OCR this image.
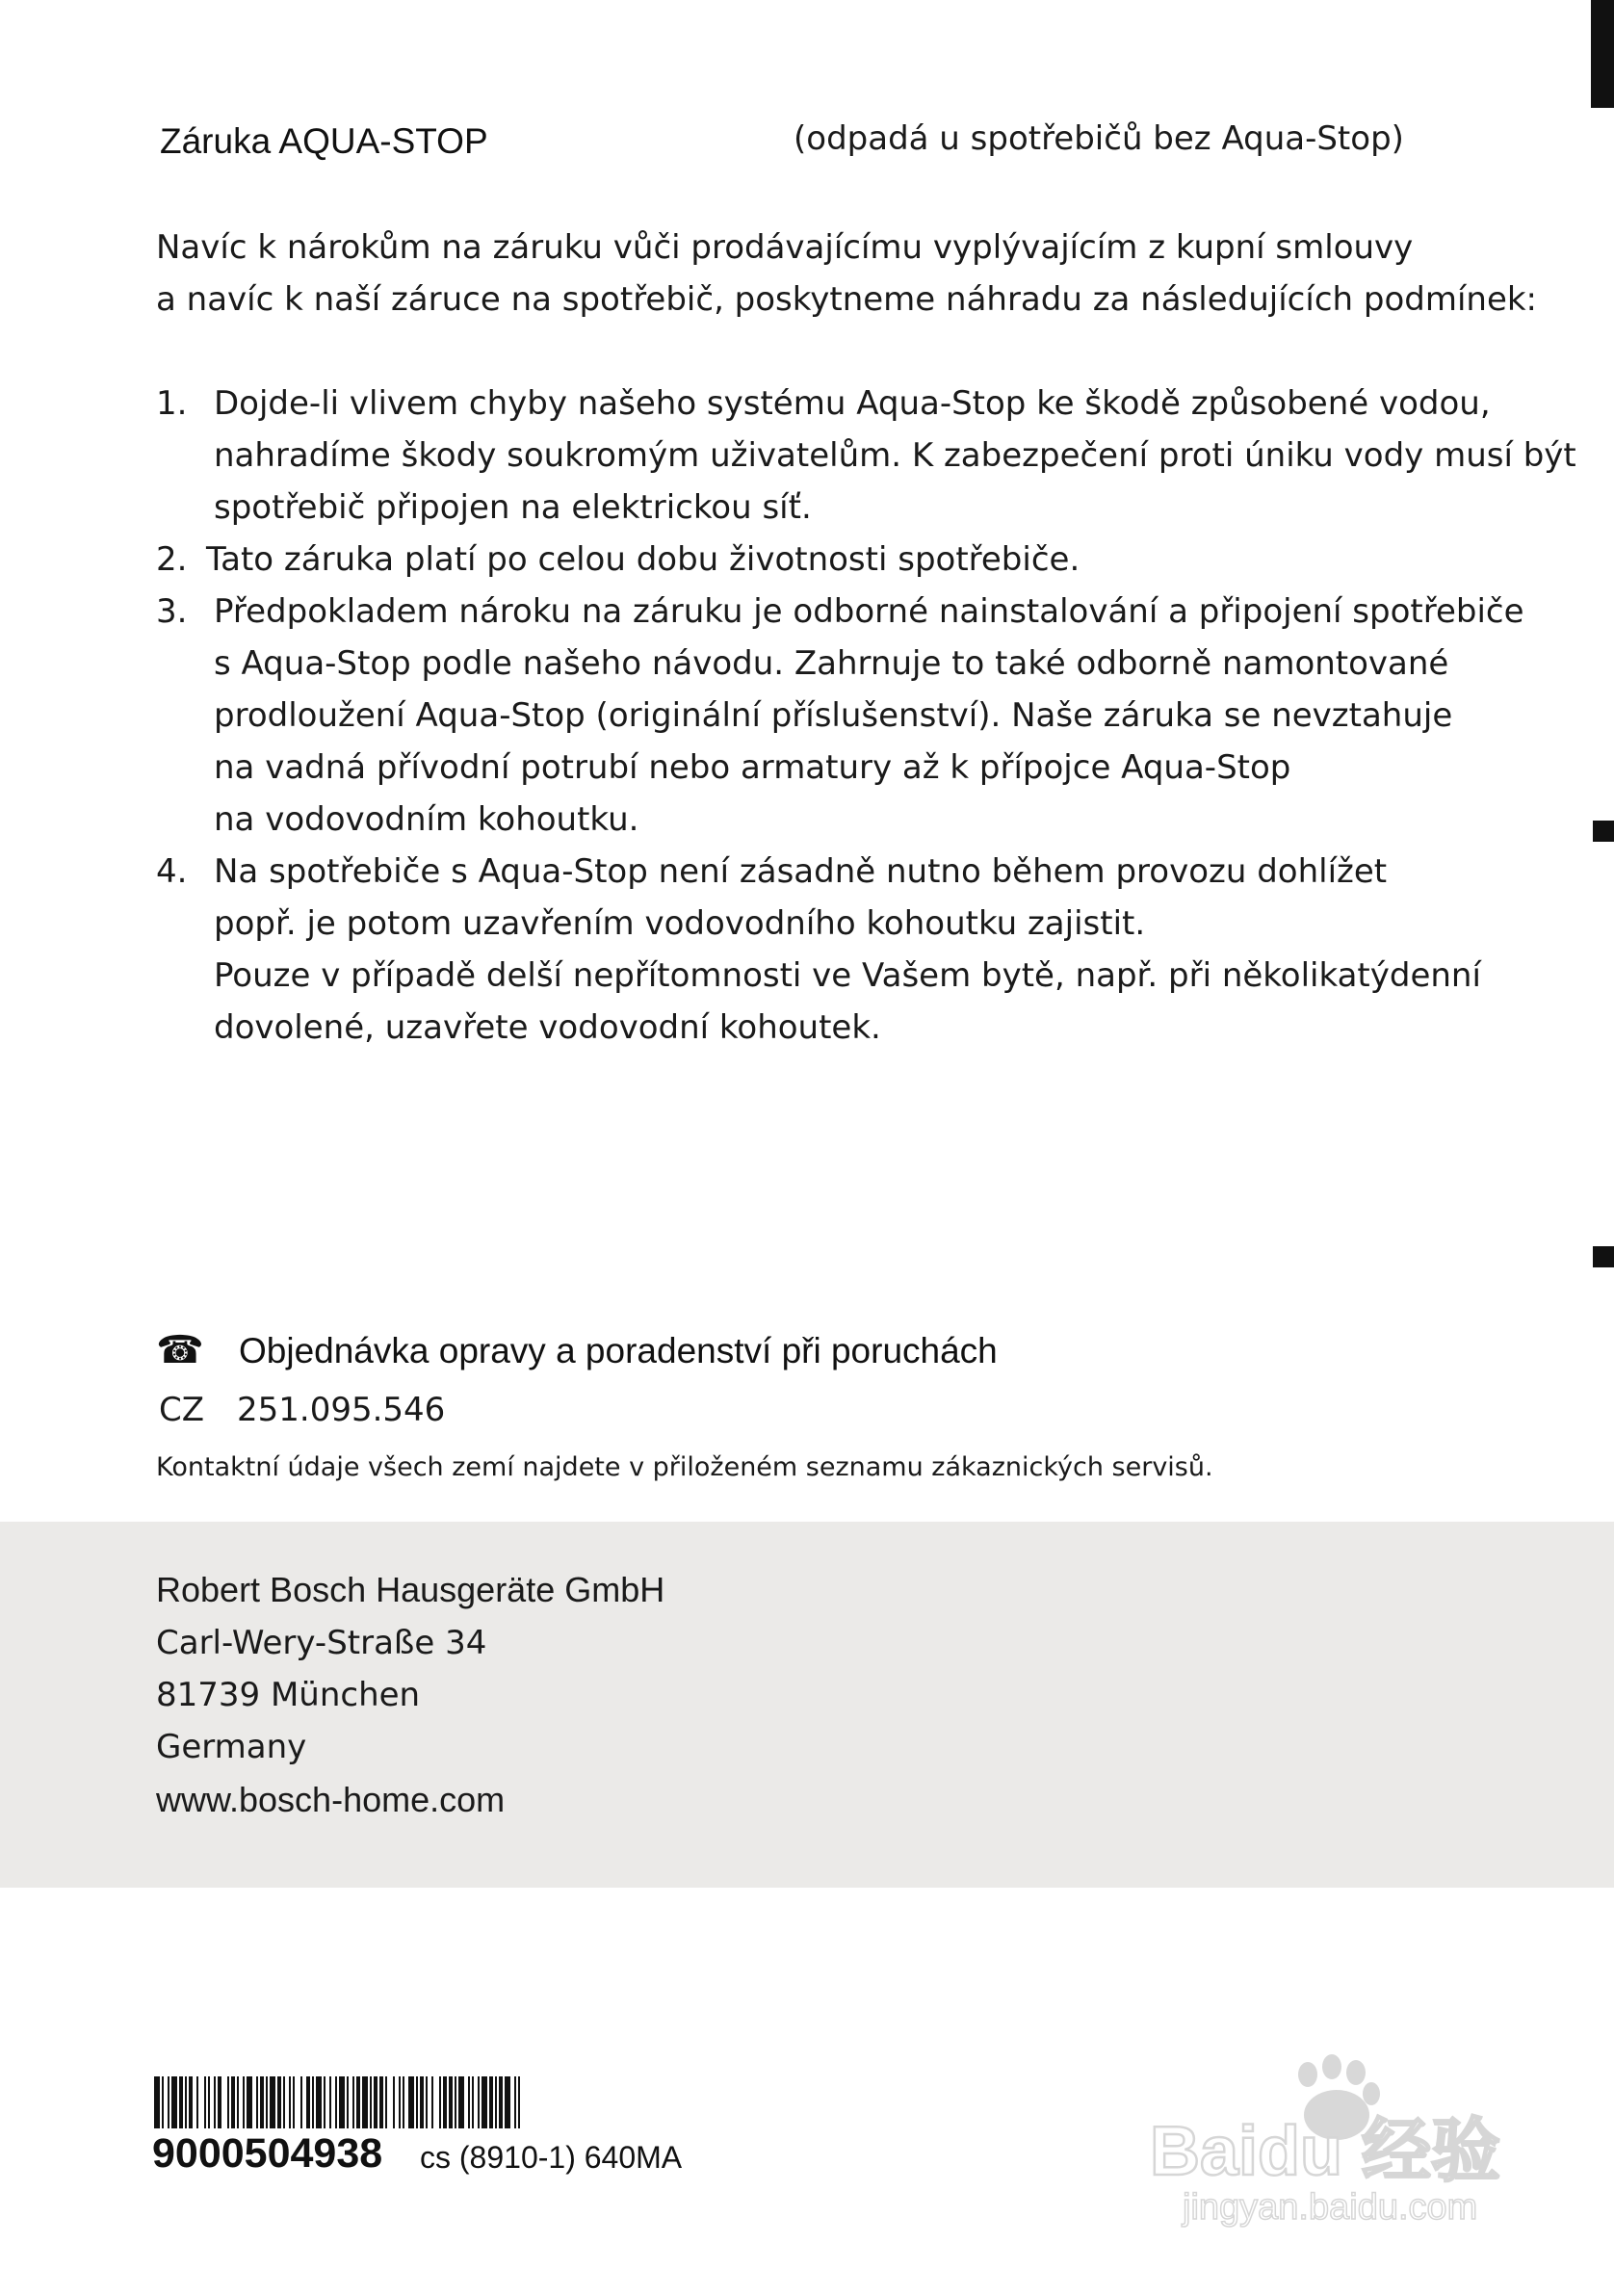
Záruka AQUA-STOP	(odpadá u spotřebičů bez Aqua-Stop)
Navíc k nárokům na záruku vůči prodávajícímu vyplývajícím z kupní smlouvy
a navíc k naší záruce na spotřebič, poskytneme náhradu za následujících podmínek:
1. Dojde-li vlivem chyby našeho systému Aqua-Stop ke škodě způsobené vodou,
nahradíme škody soukromým uživatelům. K zabezpečení proti úniku vody musí být
spotřebič připojen na elektrickou síť.
2. Tato záruka platí po celou dobu životnosti spotřebiče.
3. Předpokladem nároku na záruku je odborné nainstalování a připojení spotřebiče
s Aqua-Stop podle našeho návodu. Zahrnuje to také odborně namontované
prodloužení Aqua-Stop (originální příslušenství). Naše záruka se nevztahuje
na vadná přívodní potrubí nebo armatury až k přípojce Aqua-Stop
na vodovodním kohoutku.
4. Na spotřebiče s Aqua-Stop není zásadně nutno během provozu dohlížet
popř. je potom uzavřením vodovodního kohoutku zajistit.
Pouze v případě delší nepřítomnosti ve Vašem bytě, např. při několikatýdenní
dovolené, uzavřete vodovodní kohoutek.
☎ Objednávka opravy a poradenství při poruchách
CZ 251.095.546
Kontaktní údaje všech zemí najdete v přiloženém seznamu zákaznických servisů.
Robert Bosch Hausgeräte GmbH
Carl-Wery-Straße 34
81739 München
Germany
www.bosch-home.com
9000504938 cs (8910-1) 640MA	Baidu 经验
jingyan.baidu.com
